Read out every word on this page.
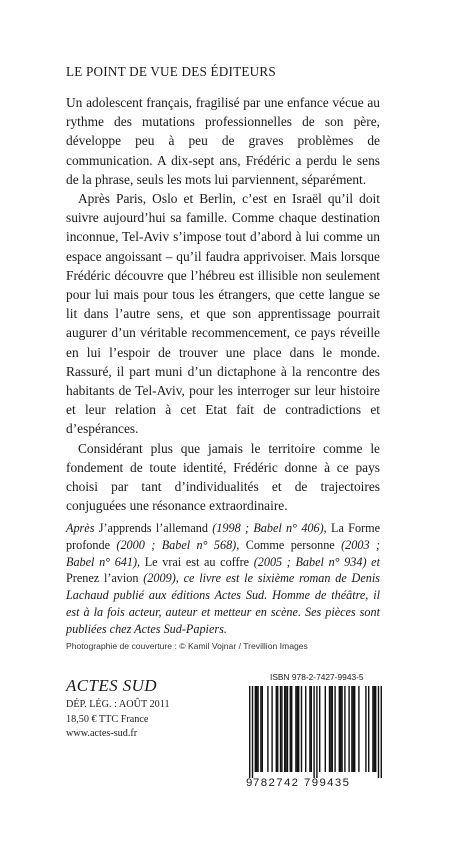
LE POINT DE VUE DES ÉDITEURS

Un adolescent français, fragilisé par une enfance vécue au rythme des mutations professionnelles de son père, développe peu à peu de graves problèmes de communication. A dix-sept ans, Frédéric a perdu le sens de la phrase, seuls les mots lui parviennent, séparément.

Après Paris, Oslo et Berlin, c’est en Israël qu’il doit suivre aujourd’hui sa famille. Comme chaque destination inconnue, Tel-Aviv s’impose tout d’abord à lui comme un espace angoissant – qu’il faudra apprivoiser. Mais lorsque Frédéric découvre que l’hébreu est illisible non seulement pour lui mais pour tous les étrangers, que cette langue se lit dans l’autre sens, et que son apprentissage pourrait augurer d’un véritable recommencement, ce pays réveille en lui l’espoir de trouver une place dans le monde. Rassuré, il part muni d’un dictaphone à la rencontre des habitants de Tel-Aviv, pour les interroger sur leur histoire et leur relation à cet Etat fait de contradictions et d’espérances.

Considérant plus que jamais le territoire comme le fondement de toute identité, Frédéric donne à ce pays choisi par tant d’individualités et de trajectoires conjuguées une résonance extraordinaire.

Après J’apprends l’allemand (1998 ; Babel n° 406), La Forme profonde (2000 ; Babel n° 568), Comme personne (2003 ; Babel n° 641), Le vrai est au coffre (2005 ; Babel n° 934) et Prenez l’avion (2009), ce livre est le sixième roman de Denis Lachaud publié aux éditions Actes Sud. Homme de théâtre, il est à la fois acteur, auteur et metteur en scène. Ses pièces sont publiées chez Actes Sud-Papiers.
Photographie de couverture : © Kamil Vojnar / Trevillion Images
ACTES SUD
DÉP. LÉG. : AOÛT 2011
18,50 € TTC France
www.actes-sud.fr
ISBN 978-2-7427-9943-5
9 782742 799435
